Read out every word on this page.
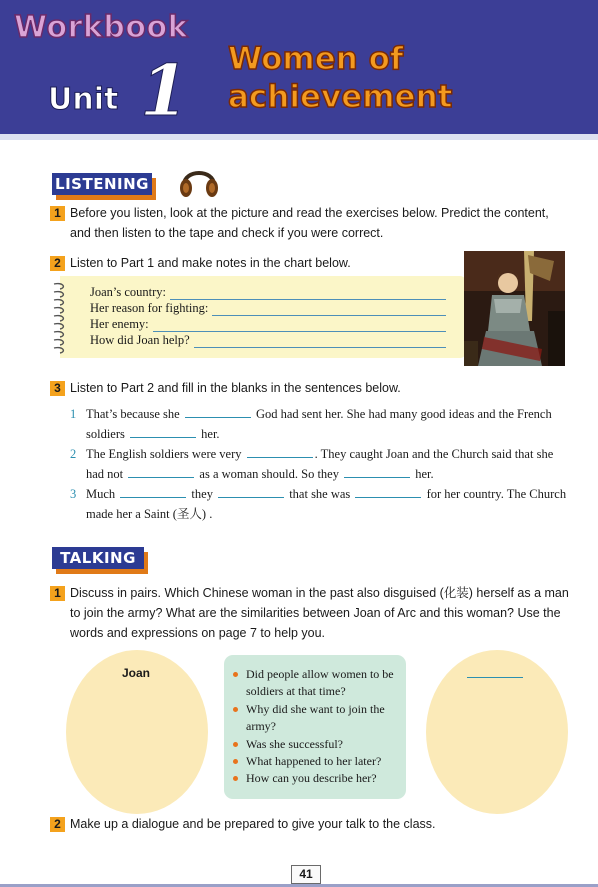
Workbook
Unit 1 Women of
achievement
LISTENING
1 Before you listen, look at the picture and read the exercises below. Predict the content, and then listen to the tape and check if you were correct.
2 Listen to Part 1 and make notes in the chart below.
Joan’s country:
Her reason for fighting:
Her enemy:
How did Joan help?
3 Listen to Part 2 and fill in the blanks in the sentences below.
1 That’s because she	God had sent her. She had many good ideas and the French
soldiers	her.
2 The English soldiers were very	. They caught Joan and the Church said that she
had not	as a woman should. So they	her.
3 Much	they	that she was	for her country. The Church
made her a Saint (圣人) .
TALKING
1 Discuss in pairs. Which Chinese woman in the past also disguised (化装) herself as a man to join the army? What are the similarities between Joan of Arc and this woman? Use the words and expressions on page 7 to help you.
Joan	Did people allow women to be soldiers at that time?
Why did she want to join the army?
Was she successful?
What happened to her later?
How can you describe her?
2 Make up a dialogue and be prepared to give your talk to the class.
41
